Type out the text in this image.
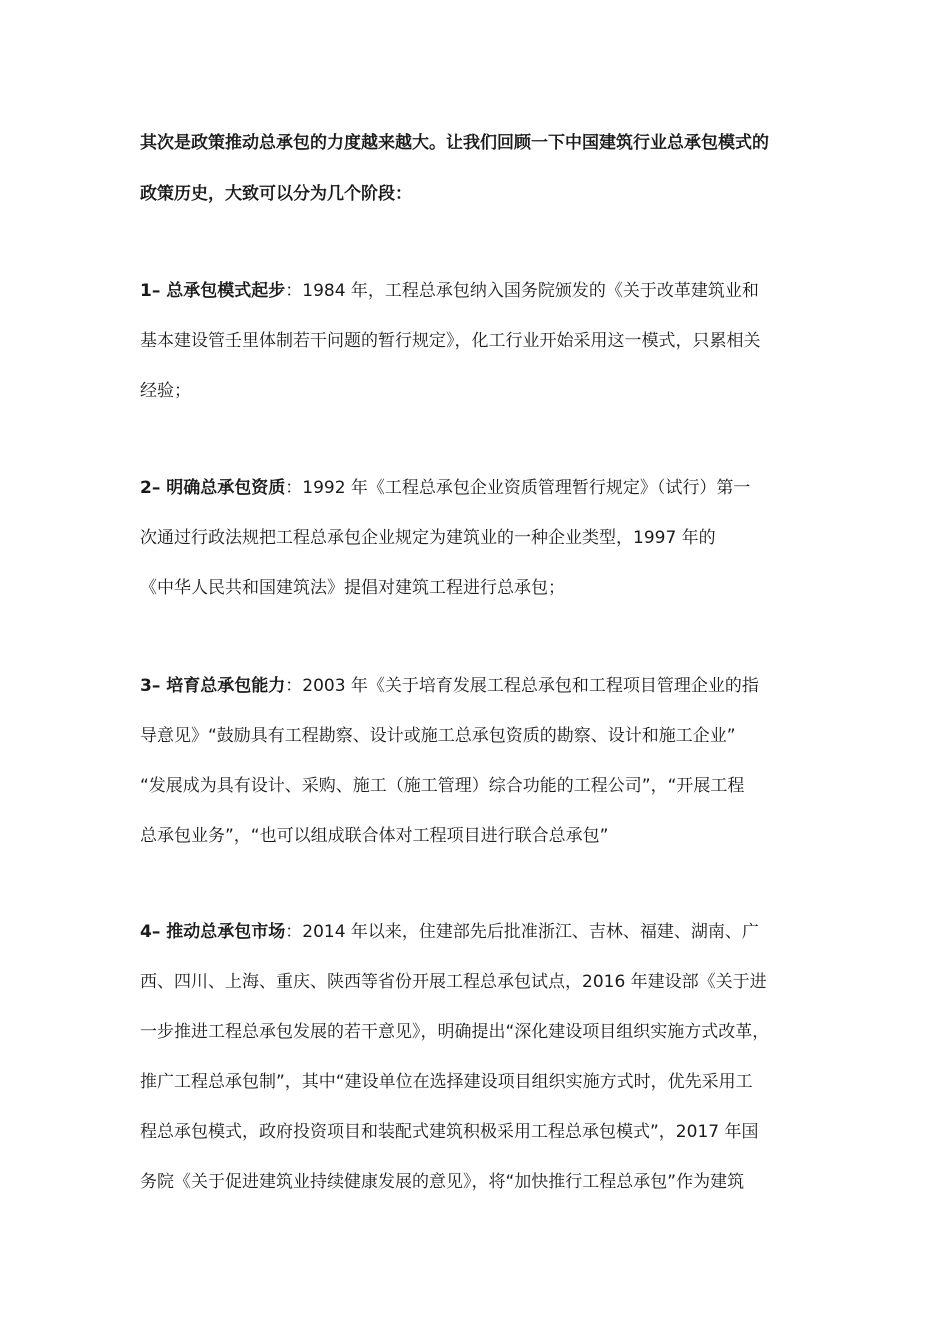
其次是政策推动总承包的力度越来越大。让我们回顾一下中国建筑行业总承包模式的
政策历史，大致可以分为几个阶段：
1– 总承包模式起步：1984 年，工程总承包纳入国务院颁发的《关于改革建筑业和
基本建设管壬里体制若干问题的暂行规定》，化工行业开始采用这一模式，只累相关
经验；
2– 明确总承包资质：1992 年《工程总承包企业资质管理暂行规定》（试行）第一
次通过行政法规把工程总承包企业规定为建筑业的一种企业类型，1997 年的
《中华人民共和国建筑法》提倡对建筑工程进行总承包；
3– 培育总承包能力：2003 年《关于培育发展工程总承包和工程项目管理企业的指
导意见》“鼓励具有工程勘察、设计或施工总承包资质的勘察、设计和施工企业”
“发展成为具有设计、采购、施工（施工管理）综合功能的工程公司”，“开展工程
总承包业务”，“也可以组成联合体对工程项目进行联合总承包”
4– 推动总承包市场：2014 年以来，住建部先后批准浙江、吉林、福建、湖南、广
西、四川、上海、重庆、陕西等省份开展工程总承包试点，2016 年建设部《关于进
一步推进工程总承包发展的若干意见》，明确提出“深化建设项目组织实施方式改革，
推广工程总承包制”，其中“建设单位在选择建设项目组织实施方式时，优先采用工
程总承包模式，政府投资项目和装配式建筑积极采用工程总承包模式”，2017 年国
务院《关于促进建筑业持续健康发展的意见》，将“加快推行工程总承包”作为建筑
